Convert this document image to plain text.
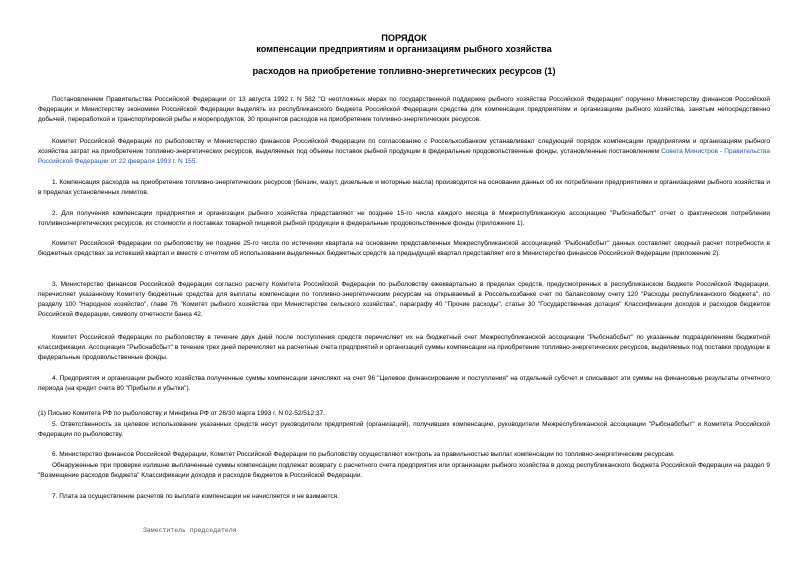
ПОРЯДОК
компенсации предприятиям и организациям рыбного хозяйства
расходов на приобретение топливно-энергетических ресурсов (1)
Постановлением Правительства Российской Федерации от 13 августа 1992 г. N 582 "О неотложных мерах по государственной поддержке рыбного хозяйства Российской Федерации" поручено Министерству финансов Российской Федерации и Министерству экономики Российской Федерации выделять из республиканского бюджета Российской Федерации средства для компенсации предприятиям и организациям рыбного хозяйства, занятым непосредственно добычей, переработкой и транспортировкой рыбы и морепродуктов, 30 процентов расходов на приобретение топливно-энергетических ресурсов.
Комитет Российской Федерации по рыболовству и Министерство финансов Российской Федерации по согласованию с Россельхозбанком устанавливают следующий порядок компенсации предприятиям и организациям рыбного хозяйства затрат на приобретение топливно-энергетических ресурсов, выделяемых под объемы поставок рыбной продукции в федеральные продовольственные фонды, установленные постановлением Совета Министров - Правительства Российской Федерации от 22 февраля 1993 г. N 155.
1. Компенсация расходов на приобретение топливно-энергетических ресурсов (бензин, мазут, дизельные и моторные масла) производится на основании данных об их потреблении предприятиями и организациями рыбного хозяйства и в пределах установленных лимитов.
2. Для получения компенсации предприятия и организации рыбного хозяйства представляют не позднее 15-го числа каждого месяца в Межреспубликанскую ассоциацию "Рыбснабсбыт" отчет о фактическом потреблении топливноэнергетических ресурсов, их стоимости и поставках товарной пищевой рыбной продукции в федеральные продовольственные фонды (приложение 1).
Комитет Российской Федерации по рыболовству не позднее 25-го числа по истечении квартала на основании представленных Межреспубликанской ассоциацией "Рыбснабсбыт" данных составляет сводный расчет потребности в бюджетных средствах за истекший квартал и вместе с отчетом об использовании выделенных бюджетных средств за предыдущий квартал представляет его в Министерство финансов Российской Федерации (приложение 2).
3. Министерство финансов Российской Федерации согласно расчету Комитета Российской Федерации по рыболовству ежеквартально в пределах средств, предусмотренных в республиканском бюджете Российской Федерации, перечисляет указанному Комитету бюджетные средства для выплаты компенсации по топливно-энергетическим ресурсам на открываемый в Россельхозбанке счет по балансовому счету 120 "Расходы республиканского бюджета", по разделу 100 "Народное хозяйство", главе 76 "Комитет рыбного хозяйства при Министерстве сельского хозяйства", параграфу 40 "Прочие расходы", статье 30 "Государственная дотация" Классификации доходов и расходов бюджетов Российской Федерации, символу отчетности банка 42.
Комитет Российской Федерации по рыболовству в течение двух дней после поступления средств перечисляет их на бюджетный счет Межреспубликанской ассоциации "Рыбснабсбыт" по указанным подразделениям бюджетной классификации. Ассоциация "Рыбснабсбыт" в течение трех дней перечисляет на расчетные счета предприятий и организаций суммы компенсации на приобретение топливно-энергетических ресурсов, выделяемых под поставки продукции в федеральные продовольственные фонды.
4. Предприятия и организации рыбного хозяйства полученные суммы компенсации зачисляют на счет 96 "Целевое финансирование и поступления" на отдельный субсчет и списывают эти суммы на финансовые результаты отчетного периода (на кредит счета 80 "Прибыли и убытки").
(1) Письмо Комитета РФ по рыболовству и Минфина РФ от 26/30 марта 1993 г. N 02-52/512;37.
5. Ответственность за целевое использование указанных средств несут руководители предприятий (организаций), получивших компенсацию, руководители Межреспубликанской ассоциации "Рыбснабсбыт" и Комитета Российской Федерации по рыболовству.
6. Министерство финансов Российской Федерации, Комитет Российской Федерации по рыболовству осуществляют контроль за правильностью выплат компенсации по топливно-энергетическим ресурсам.
Обнаруженные при проверке излишне выплаченные суммы компенсации подлежат возврату с расчетного счета предприятия или организации рыбного хозяйства в доход республиканского бюджета Российской Федерации на раздел 9 "Возмещение расходов бюджета" Классификации доходов и расходов бюджетов в Российской Федерации.
7. Плата за осуществление расчетов по выплате компенсации не начисляется и не взимается.
Заместитель председателя
